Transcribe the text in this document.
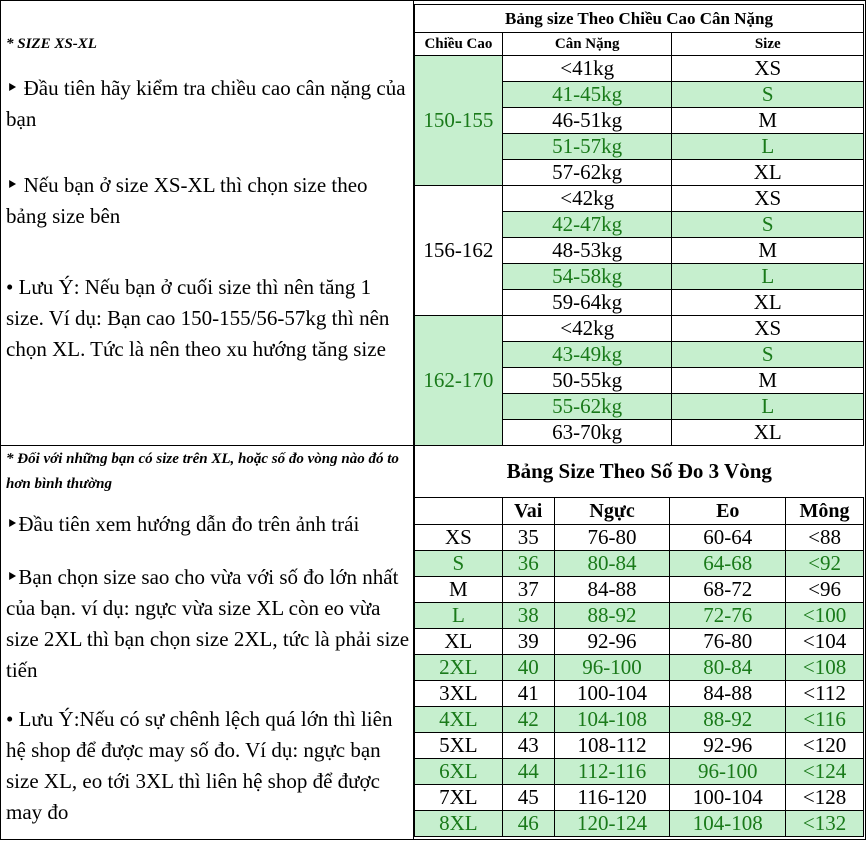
* SIZE XS-XL

‣ Đầu tiên hãy kiểm tra chiều cao cân nặng của bạn

‣ Nếu bạn ở size XS-XL thì chọn size theo bảng size bên

• Lưu Ý: Nếu bạn ở cuối size thì nên tăng 1 size. Ví dụ: Bạn cao 150-155/56-57kg thì nên chọn XL. Tức là nên theo xu hướng tăng size

* Đối với những bạn có size trên XL, hoặc số đo vòng nào đó to hơn bình thường

‣Đầu tiên xem hướng dẫn đo trên ảnh trái

‣Bạn chọn size sao cho vừa với số đo lớn nhất của bạn. ví dụ: ngực vừa size XL còn eo vừa size 2XL thì bạn chọn size 2XL, tức là phải size tiến

• Lưu Ý:Nếu có sự chênh lệch quá lớn thì liên hệ shop để được may số đo. Ví dụ: ngực bạn size XL, eo tới 3XL thì liên hệ shop để được may đo

Bảng size Theo Chiều Cao Cân Nặng		
Chiều Cao	Cân Nặng	Size
150-155	<41kg	XS
	41-45kg	S
	46-51kg	M
	51-57kg	L
	57-62kg	XL
156-162	<42kg	XS
	42-47kg	S
	48-53kg	M
	54-58kg	L
	59-64kg	XL
162-170	<42kg	XS
	43-49kg	S
	50-55kg	M
	55-62kg	L
	63-70kg	XL
Bảng Size Theo Số Đo 3 Vòng				
	Vai	Ngực	Eo	Mông
XS	35	76-80	60-64	<88
S	36	80-84	64-68	<92
M	37	84-88	68-72	<96
L	38	88-92	72-76	<100
XL	39	92-96	76-80	<104
2XL	40	96-100	80-84	<108
3XL	41	100-104	84-88	<112
4XL	42	104-108	88-92	<116
5XL	43	108-112	92-96	<120
6XL	44	112-116	96-100	<124
7XL	45	116-120	100-104	<128
8XL	46	120-124	104-108	<132
